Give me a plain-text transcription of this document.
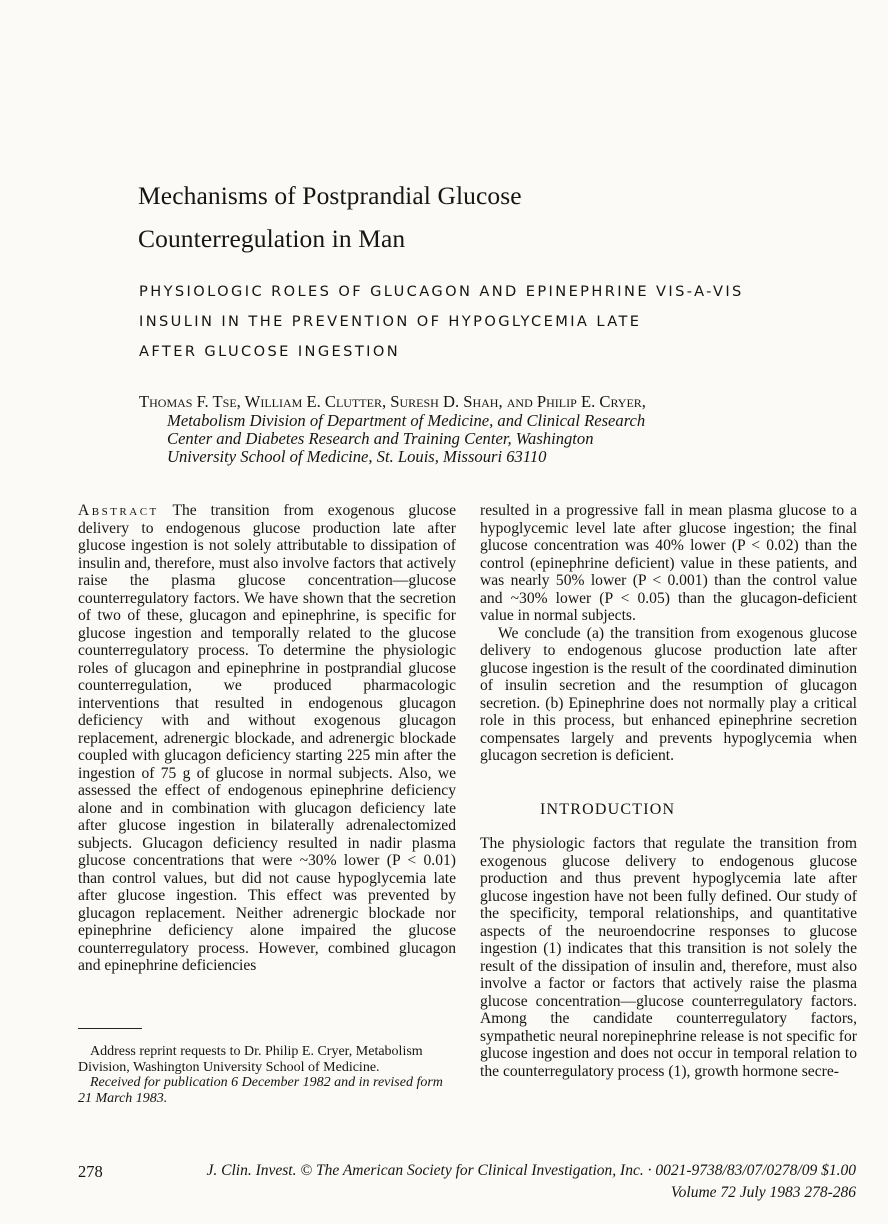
Mechanisms of Postprandial Glucose
Counterregulation in Man
PHYSIOLOGIC ROLES OF GLUCAGON AND EPINEPHRINE VIS-A-VIS
INSULIN IN THE PREVENTION OF HYPOGLYCEMIA LATE
AFTER GLUCOSE INGESTION

Thomas F. Tse, William E. Clutter, Suresh D. Shah, and Philip E. Cryer,

Metabolism Division of Department of Medicine, and Clinical Research

Center and Diabetes Research and Training Center, Washington

University School of Medicine, St. Louis, Missouri 63110

Abstract The transition from exogenous glucose delivery to endogenous glucose production late after glucose ingestion is not solely attributable to dissipation of insulin and, therefore, must also involve factors that actively raise the plasma glucose concentration—glucose counterregulatory factors. We have shown that the secretion of two of these, glucagon and epinephrine, is specific for glucose ingestion and temporally related to the glucose counterregulatory process. To determine the physiologic roles of glucagon and epinephrine in postprandial glucose counterregulation, we produced pharmacologic interventions that resulted in endogenous glucagon deficiency with and without exogenous glucagon replacement, adrenergic blockade, and adrenergic blockade coupled with glucagon deficiency starting 225 min after the ingestion of 75 g of glucose in normal subjects. Also, we assessed the effect of endogenous epinephrine deficiency alone and in combination with glucagon deficiency late after glucose ingestion in bilaterally adrenalectomized subjects. Glucagon deficiency resulted in nadir plasma glucose concentrations that were ~30% lower (P < 0.01) than control values, but did not cause hypoglycemia late after glucose ingestion. This effect was prevented by glucagon replacement. Neither adrenergic blockade nor epinephrine deficiency alone impaired the glucose counterregulatory process. However, combined glucagon and epinephrine deficiencies

resulted in a progressive fall in mean plasma glucose to a hypoglycemic level late after glucose ingestion; the final glucose concentration was 40% lower (P < 0.02) than the control (epinephrine deficient) value in these patients, and was nearly 50% lower (P < 0.001) than the control value and ~30% lower (P < 0.05) than the glucagon-deficient value in normal subjects.

We conclude (a) the transition from exogenous glucose delivery to endogenous glucose production late after glucose ingestion is the result of the coordinated diminution of insulin secretion and the resumption of glucagon secretion. (b) Epinephrine does not normally play a critical role in this process, but enhanced epinephrine secretion compensates largely and prevents hypoglycemia when glucagon secretion is deficient.

INTRODUCTION

The physiologic factors that regulate the transition from exogenous glucose delivery to endogenous glucose production and thus prevent hypoglycemia late after glucose ingestion have not been fully defined. Our study of the specificity, temporal relationships, and quantitative aspects of the neuroendocrine responses to glucose ingestion (1) indicates that this transition is not solely the result of the dissipation of insulin and, therefore, must also involve a factor or factors that actively raise the plasma glucose concentration—glucose counterregulatory factors. Among the candidate counterregulatory factors, sympathetic neural norepinephrine release is not specific for glucose ingestion and does not occur in temporal relation to the counterregulatory process (1), growth hormone secre-

Address reprint requests to Dr. Philip E. Cryer, Metabolism Division, Washington University School of Medicine.
Received for publication 6 December 1982 and in revised form 21 March 1983.

278	J. Clin. Invest. © The American Society for Clinical Investigation, Inc. · 0021-9738/83/07/0278/09 $1.00

Volume 72 July 1983 278-286
